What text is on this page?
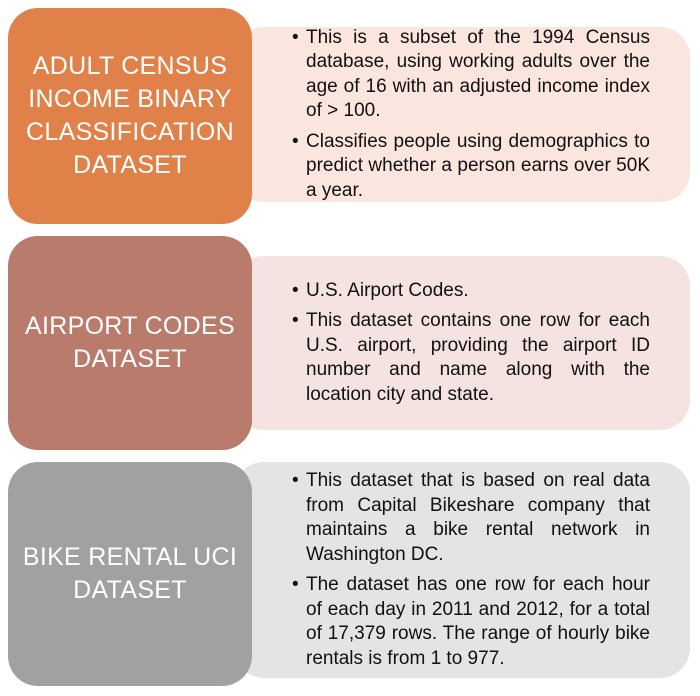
• This is a subset of the 1994 Census database, using working adults over the age of 16 with an adjusted income index of > 100.
• Classifies people using demographics to predict whether a person earns over 50K a year.
ADULT CENSUS INCOME BINARY CLASSIFICATION DATASET
• U.S. Airport Codes.
• This dataset contains one row for each U.S. airport, providing the airport ID number and name along with the location city and state.
AIRPORT CODES DATASET
• This dataset that is based on real data from Capital Bikeshare company that maintains a bike rental network in Washington DC.
• The dataset has one row for each hour of each day in 2011 and 2012, for a total of 17,379 rows. The range of hourly bike rentals is from 1 to 977.
BIKE RENTAL UCI DATASET
